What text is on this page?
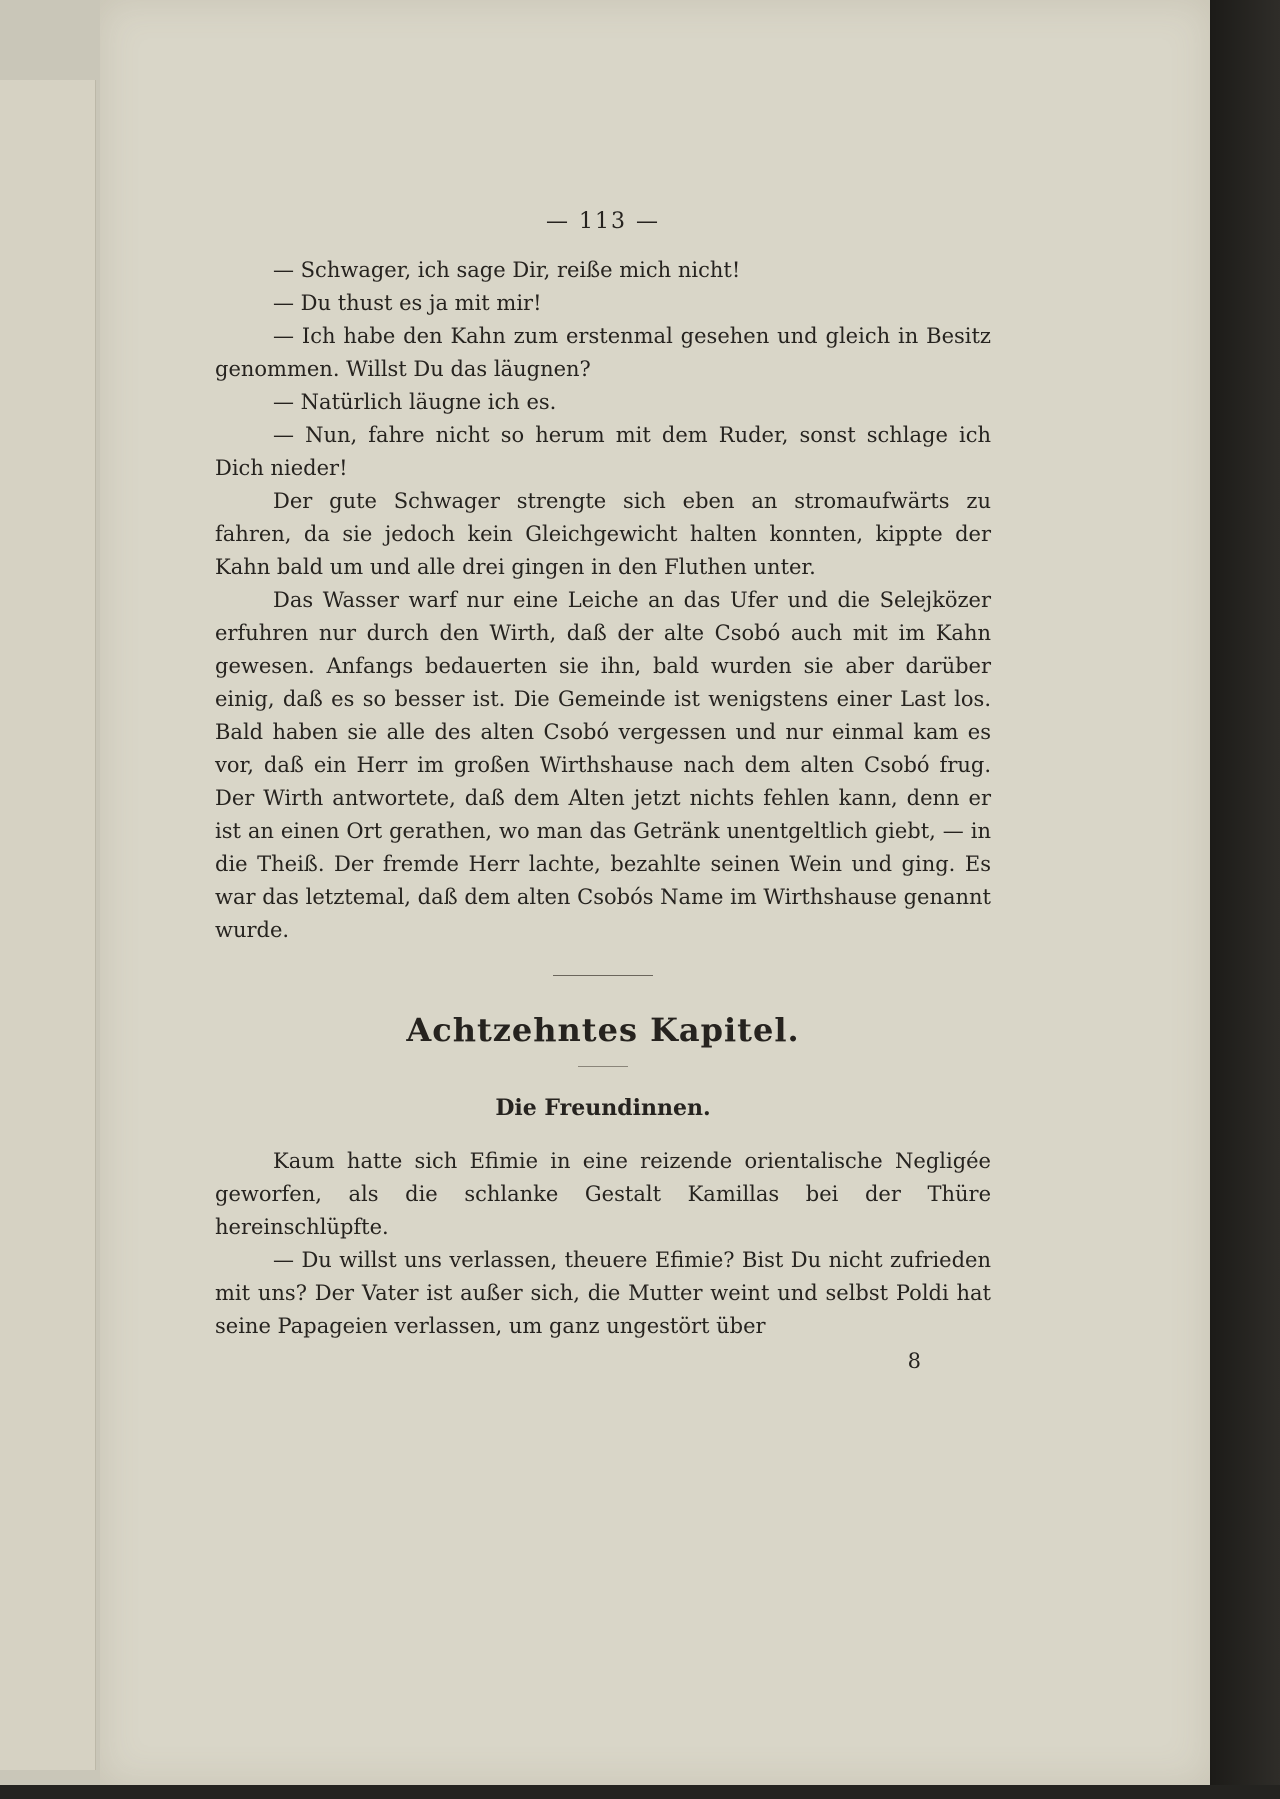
— 113 —

— Schwager, ich sage Dir, reiße mich nicht!

— Du thust es ja mit mir!

— Ich habe den Kahn zum erstenmal gesehen und gleich in Besitz genommen. Willst Du das läugnen?

— Natürlich läugne ich es.

— Nun, fahre nicht so herum mit dem Ruder, sonst schlage ich Dich nieder!

Der gute Schwager strengte sich eben an stromaufwärts zu fahren, da sie jedoch kein Gleichgewicht halten konnten, kippte der Kahn bald um und alle drei gingen in den Fluthen unter.

Das Wasser warf nur eine Leiche an das Ufer und die Selejközer erfuhren nur durch den Wirth, daß der alte Csobó auch mit im Kahn gewesen. Anfangs bedauerten sie ihn, bald wurden sie aber darüber einig, daß es so besser ist. Die Gemeinde ist wenigstens einer Last los. Bald haben sie alle des alten Csobó vergessen und nur einmal kam es vor, daß ein Herr im großen Wirthshause nach dem alten Csobó frug. Der Wirth antwortete, daß dem Alten jetzt nichts fehlen kann, denn er ist an einen Ort gerathen, wo man das Getränk unentgeltlich giebt, — in die Theiß. Der fremde Herr lachte, bezahlte seinen Wein und ging. Es war das letztemal, daß dem alten Csobós Name im Wirthshause genannt wurde.

Achtzehntes Kapitel.
Die Freundinnen.

Kaum hatte sich Efimie in eine reizende orientalische Negligée geworfen, als die schlanke Gestalt Kamillas bei der Thüre hereinschlüpfte.

— Du willst uns verlassen, theuere Efimie? Bist Du nicht zufrieden mit uns? Der Vater ist außer sich, die Mutter weint und selbst Poldi hat seine Papageien verlassen, um ganz ungestört über

8
